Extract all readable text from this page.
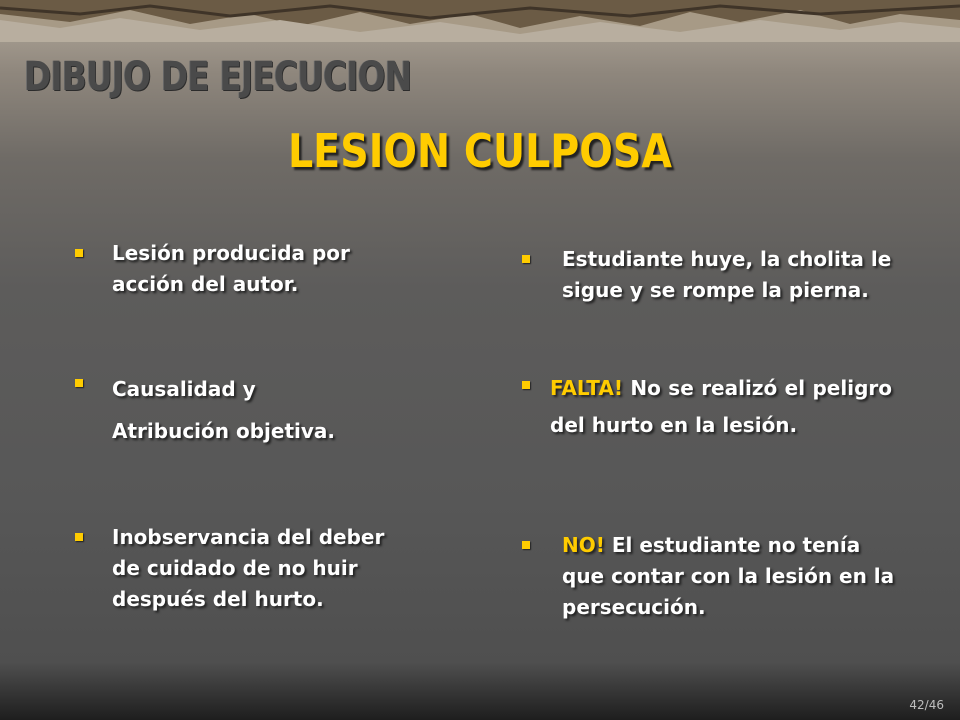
DIBUJO DE EJECUCION
LESION CULPOSA
Lesión producida por acción del autor.
Causalidad y Atribución objetiva.
Inobservancia del deber de cuidado de no huir después del hurto.
Estudiante huye, la cholita le sigue y se rompe la pierna.
FALTA! No se realizó el peligro del hurto en la lesión.
NO! El estudiante no tenía que contar con la lesión en la persecución.
42/46
